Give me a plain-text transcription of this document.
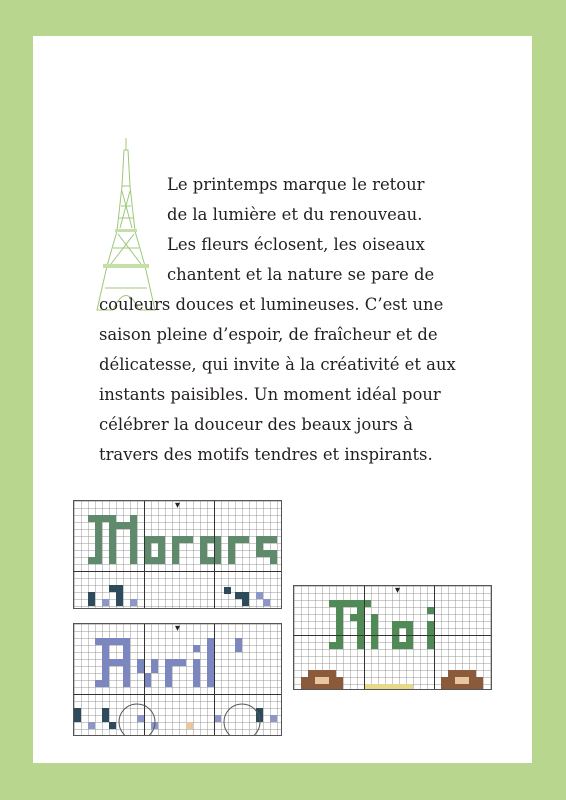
Le printemps marque le retour
de la lumière et du renouveau.
Les fleurs éclosent, les oiseaux
chantent et la nature se pare de
couleurs douces et lumineuses. C’est une
saison pleine d’espoir, de fraîcheur et de
délicatesse, qui invite à la créativité et aux
instants paisibles. Un moment idéal pour
célébrer la douceur des beaux jours à
travers des motifs tendres et inspirants.

▾
▾
▾
